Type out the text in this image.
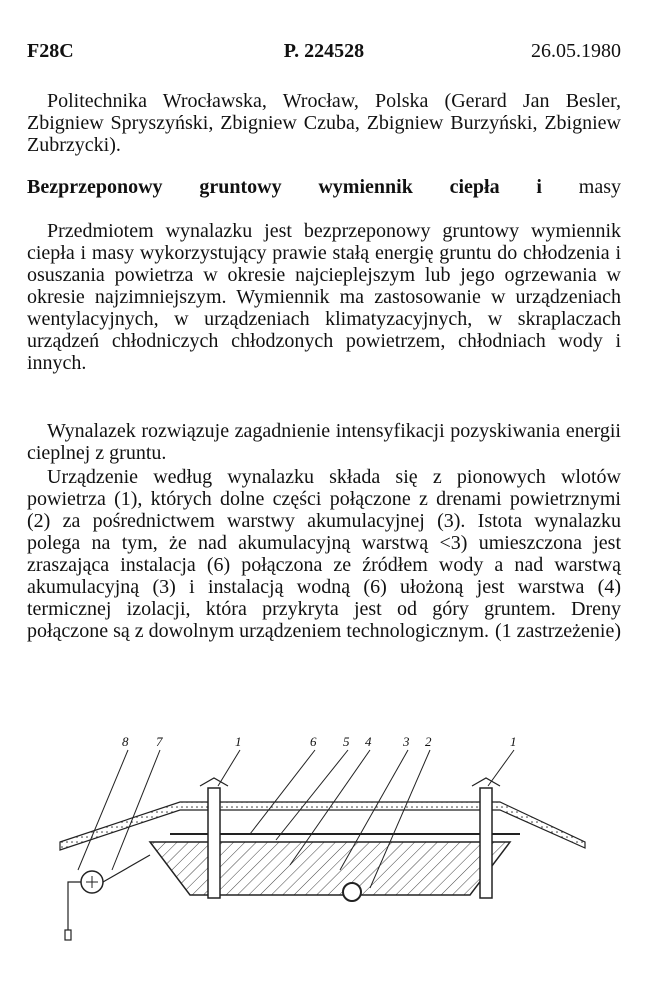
P. 224528
F28C	26.05.1980
Politechnika Wrocławska, Wrocław, Polska (Gerard Jan Besler, Zbigniew Spryszyński, Zbigniew Czuba, Zbigniew Burzyński, Zbigniew Zubrzycki).
Bezprzeponowy gruntowy wymiennik ciepła i masy
Przedmiotem wynalazku jest bezprzeponowy gruntowy wymiennik ciepła i masy wykorzystujący prawie stałą energię gruntu do chłodzenia i osuszania powietrza w okresie najcieplejszym lub jego ogrzewania w okresie najzimniejszym. Wymiennik ma zastosowanie w urządzeniach wentylacyjnych, w urządzeniach klimatyzacyjnych, w skraplaczach urządzeń chłodniczych chłodzonych powietrzem, chłodniach wody i innych.
Wynalazek rozwiązuje zagadnienie intensyfikacji pozyskiwania energii cieplnej z gruntu.
Urządzenie według wynalazku składa się z pionowych wlotów powietrza (1), których dolne części połączone z drenami powietrznymi (2) za pośrednictwem warstwy akumulacyjnej (3). Istota wynalazku polega na tym, że nad akumulacyjną warstwą <3) umieszczona jest zraszająca instalacja (6) połączona ze źródłem wody a nad warstwą akumulacyjną (3) i instalacją wodną (6) ułożoną jest warstwa (4) termicznej izolacji, która przykryta jest od góry gruntem. Dreny połączone są z dowolnym urządzeniem technologicznym. (1 zastrzeżenie)
8 7	1	6 5 4 3 2	1
